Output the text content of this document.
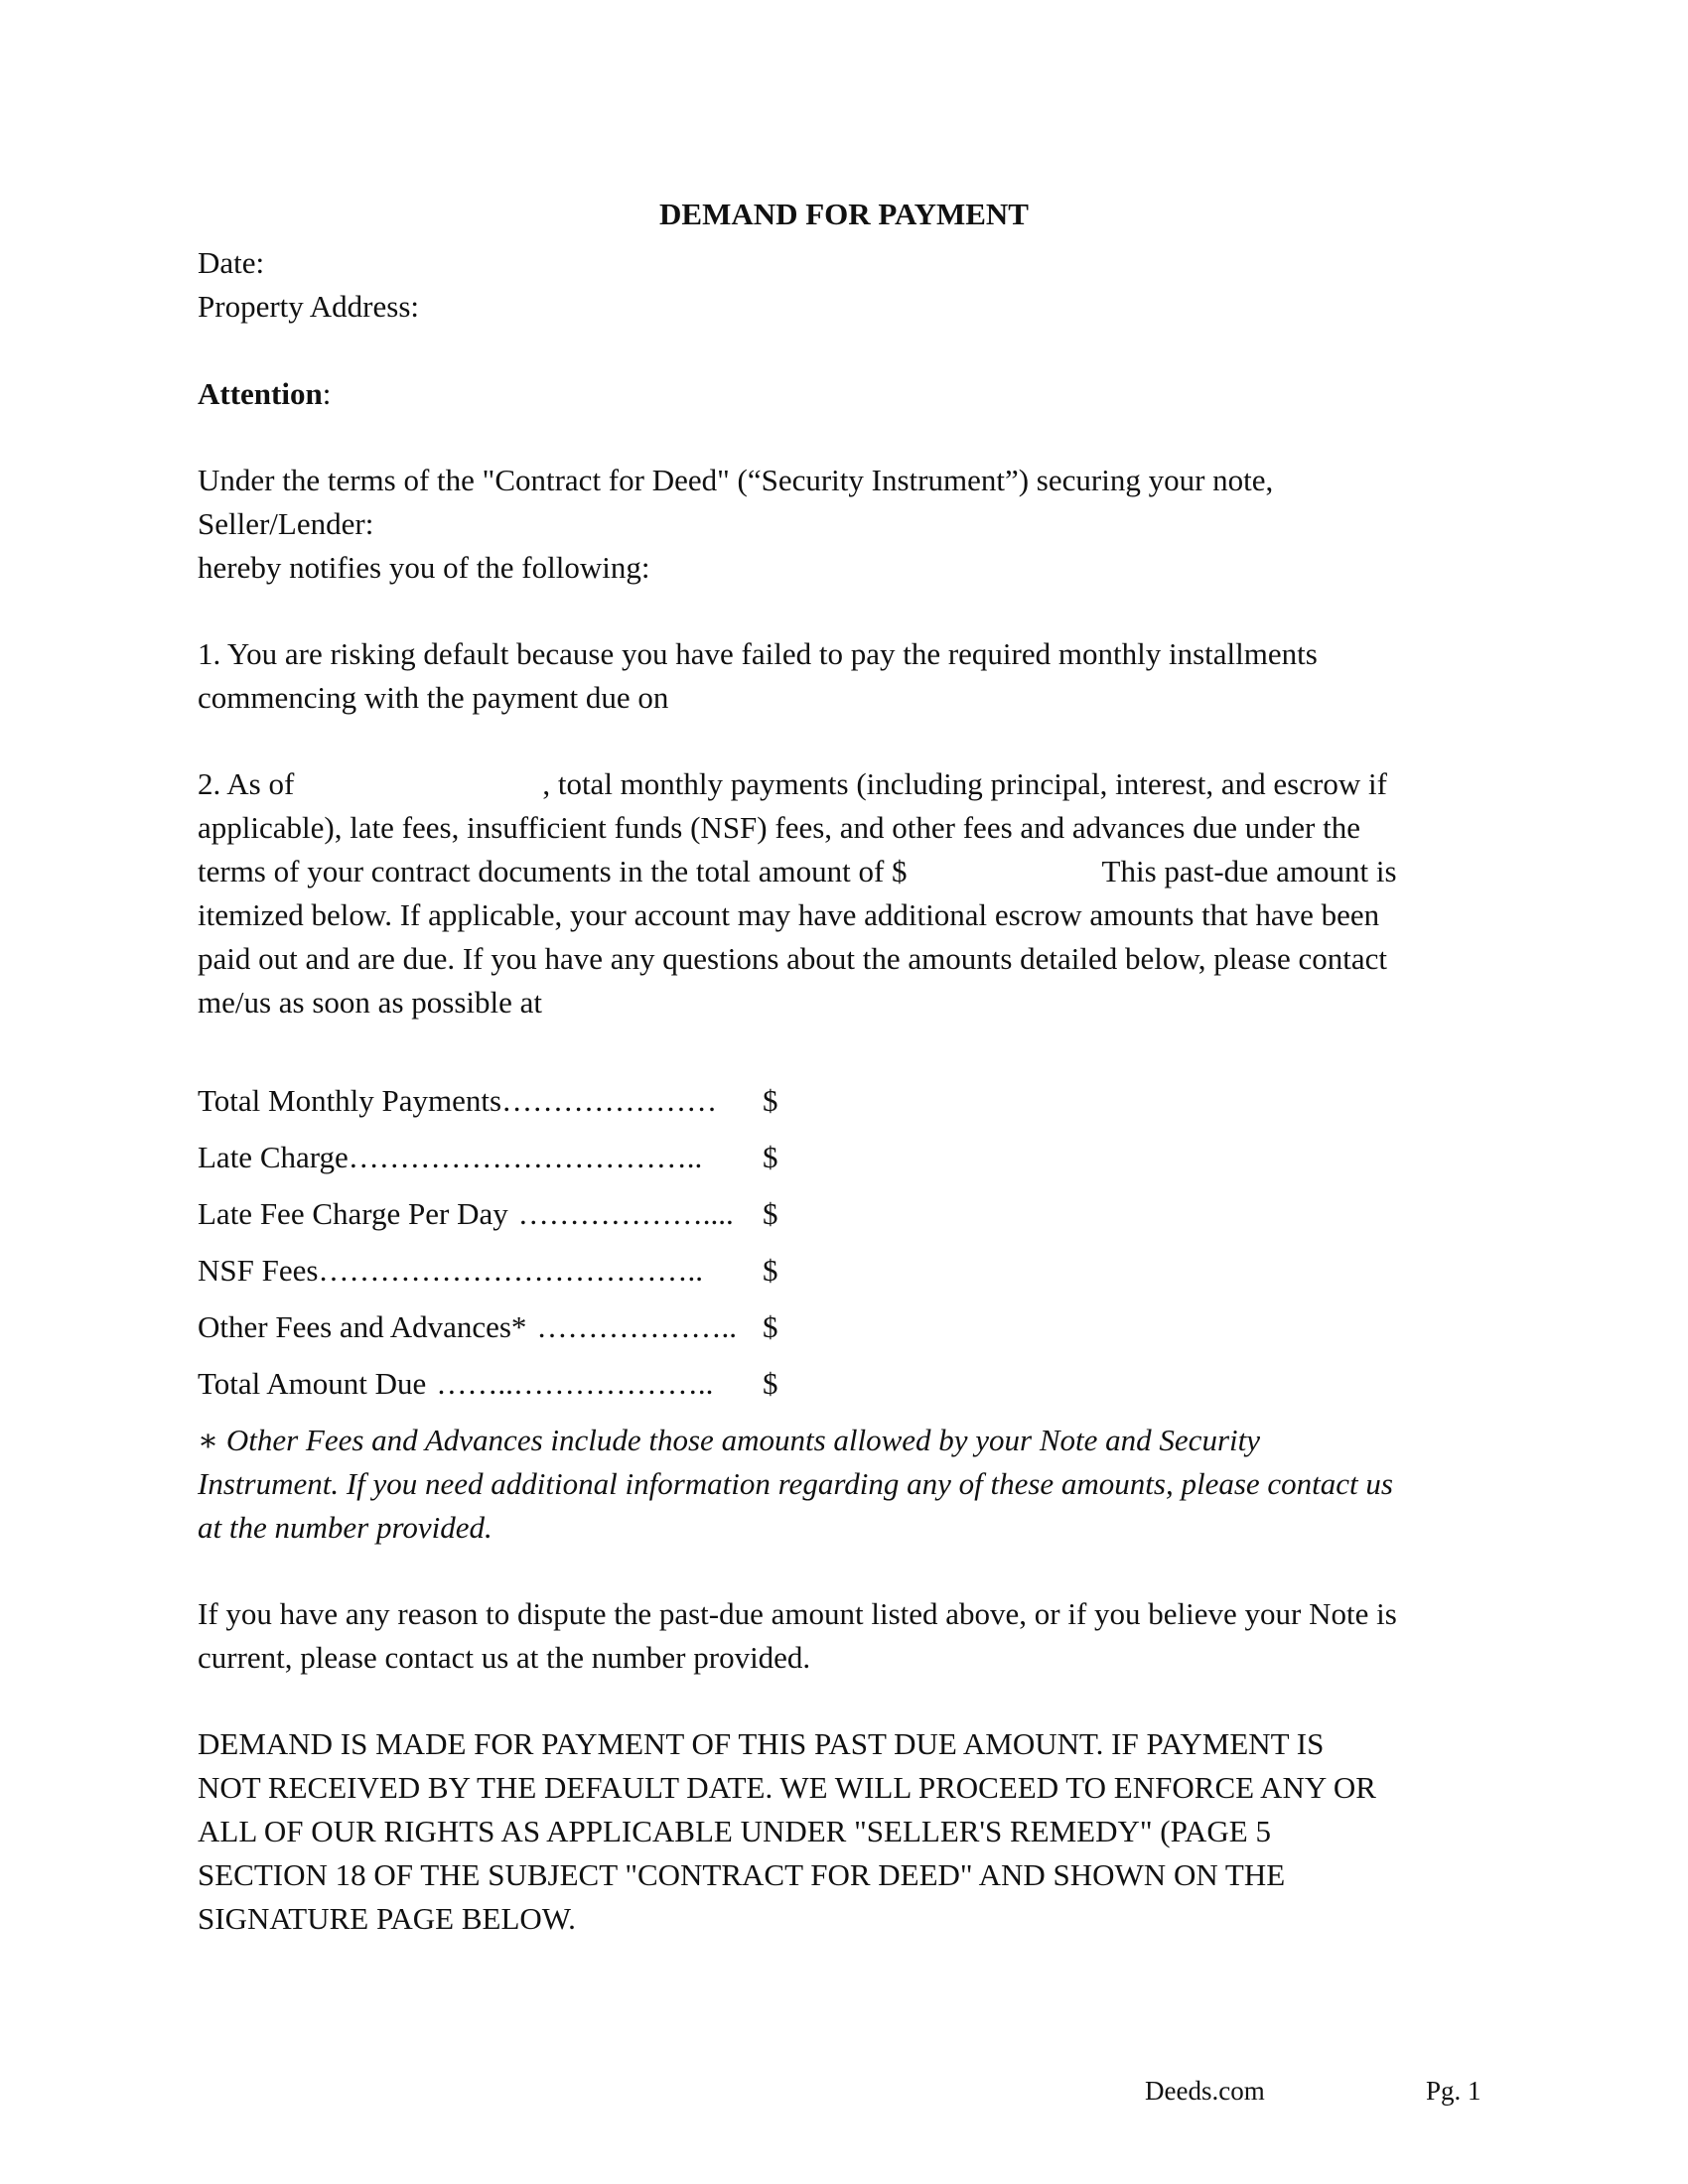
DEMAND FOR PAYMENT

Date:

Property Address:

Attention:

Under the terms of the "Contract for Deed" (“Security Instrument”) securing your note,

Seller/Lender:

hereby notifies you of the following:

1. You are risking default because you have failed to pay the required monthly installments

commencing with the payment due on

2. As of	, total monthly payments (including principal, interest, and escrow if

applicable), late fees, insufficient funds (NSF) fees, and other fees and advances due under the

terms of your contract documents in the total amount of $	This past-due amount is

itemized below. If applicable, your account may have additional escrow amounts that have been

paid out and are due. If you have any questions about the amounts detailed below, please contact

me/us as soon as possible at

Total Monthly Payments………………… $
Late Charge…………………………….. $
Late Fee Charge Per Day ……………….... $
NSF Fees……………………………….. $
Other Fees and Advances* ……………….. $
Total Amount Due ……..……………….. $

∗ Other Fees and Advances include those amounts allowed by your Note and Security

Instrument. If you need additional information regarding any of these amounts, please contact us

at the number provided.

If you have any reason to dispute the past-due amount listed above, or if you believe your Note is

current, please contact us at the number provided.

DEMAND IS MADE FOR PAYMENT OF THIS PAST DUE AMOUNT. IF PAYMENT IS

NOT RECEIVED BY THE DEFAULT DATE. WE WILL PROCEED TO ENFORCE ANY OR

ALL OF OUR RIGHTS AS APPLICABLE UNDER "SELLER'S REMEDY" (PAGE 5

SECTION 18 OF THE SUBJECT "CONTRACT FOR DEED" AND SHOWN ON THE

SIGNATURE PAGE BELOW.

Deeds.com	Pg. 1
